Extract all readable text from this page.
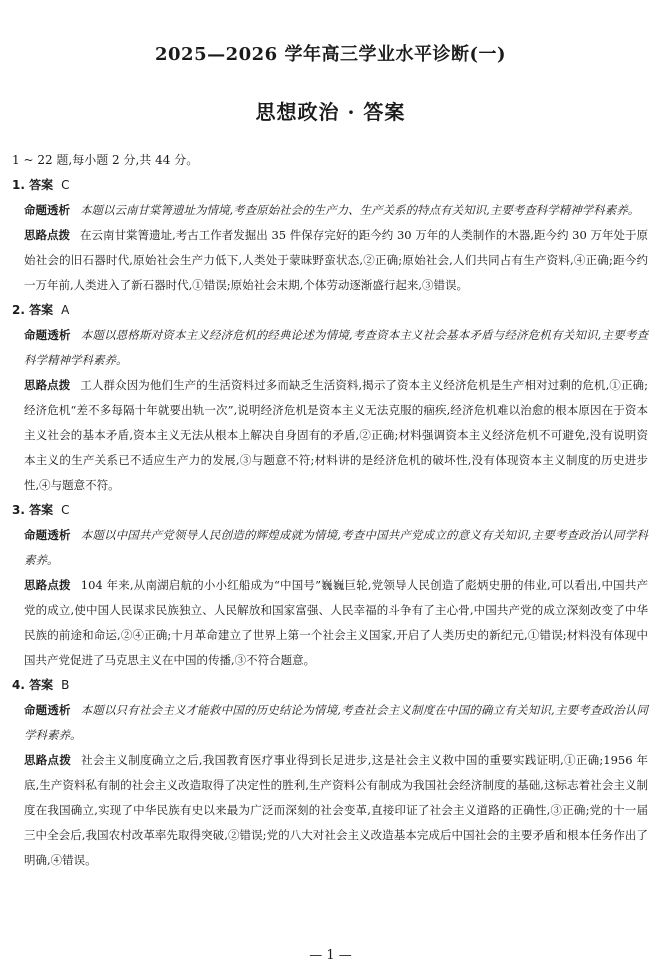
2025—2026 学年高三学业水平诊断(一)
思想政治 · 答案

1 ~ 22 题,每小题 2 分,共 44 分。

1. 答案 C

命题透析 本题以云南甘棠箐遗址为情境,考查原始社会的生产力、生产关系的特点有关知识,主要考查科学精神学科素养。

思路点拨 在云南甘棠箐遗址,考古工作者发掘出 35 件保存完好的距今约 30 万年的人类制作的木器,距今约 30 万年处于原始社会的旧石器时代,原始社会生产力低下,人类处于蒙昧野蛮状态,②正确;原始社会,人们共同占有生产资料,④正确;距今约一万年前,人类进入了新石器时代,①错误;原始社会末期,个体劳动逐渐盛行起来,③错误。

2. 答案 A

命题透析 本题以恩格斯对资本主义经济危机的经典论述为情境,考查资本主义社会基本矛盾与经济危机有关知识,主要考查科学精神学科素养。

思路点拨 工人群众因为他们生产的生活资料过多而缺乏生活资料,揭示了资本主义经济危机是生产相对过剩的危机,①正确;经济危机“差不多每隔十年就要出轨一次”,说明经济危机是资本主义无法克服的痼疾,经济危机难以治愈的根本原因在于资本主义社会的基本矛盾,资本主义无法从根本上解决自身固有的矛盾,②正确;材料强调资本主义经济危机不可避免,没有说明资本主义的生产关系已不适应生产力的发展,③与题意不符;材料讲的是经济危机的破坏性,没有体现资本主义制度的历史进步性,④与题意不符。

3. 答案 C

命题透析 本题以中国共产党领导人民创造的辉煌成就为情境,考查中国共产党成立的意义有关知识,主要考查政治认同学科素养。

思路点拨 104 年来,从南湖启航的小小红船成为“中国号”巍巍巨轮,党领导人民创造了彪炳史册的伟业,可以看出,中国共产党的成立,使中国人民谋求民族独立、人民解放和国家富强、人民幸福的斗争有了主心骨,中国共产党的成立深刻改变了中华民族的前途和命运,②④正确;十月革命建立了世界上第一个社会主义国家,开启了人类历史的新纪元,①错误;材料没有体现中国共产党促进了马克思主义在中国的传播,③不符合题意。

4. 答案 B

命题透析 本题以只有社会主义才能救中国的历史结论为情境,考查社会主义制度在中国的确立有关知识,主要考查政治认同学科素养。

思路点拨 社会主义制度确立之后,我国教育医疗事业得到长足进步,这是社会主义救中国的重要实践证明,①正确;1956 年底,生产资料私有制的社会主义改造取得了决定性的胜利,生产资料公有制成为我国社会经济制度的基础,这标志着社会主义制度在我国确立,实现了中华民族有史以来最为广泛而深刻的社会变革,直接印证了社会主义道路的正确性,③正确;党的十一届三中全会后,我国农村改革率先取得突破,②错误;党的八大对社会主义改造基本完成后中国社会的主要矛盾和根本任务作出了明确,④错误。

— 1 —
